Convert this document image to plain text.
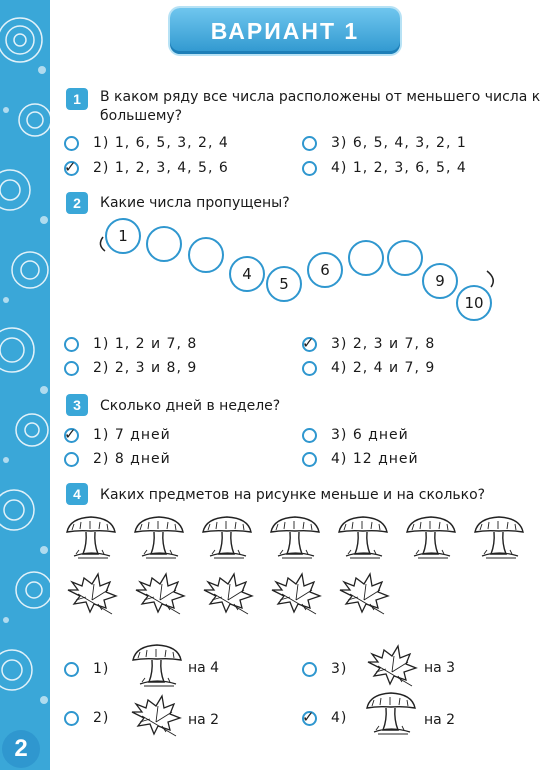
ВАРИАНТ 1
1	В каком ряду все числа расположены от меньшего числа к
большему?
1) 1, 6, 5, 3, 2, 4
✓ 2) 1, 2, 3, 4, 5, 6
3) 6, 5, 4, 3, 2, 1
4) 1, 2, 3, 6, 5, 4
2	Какие числа пропущены?
1
4
5
6
9
10
1) 1, 2 и 7, 8
2) 2, 3 и 8, 9
✓ 3) 2, 3 и 7, 8
4) 2, 4 и 7, 9
3	Сколько дней в неделе?
✓ 1) 7 дней
2) 8 дней
3) 6 дней
4) 12 дней
4	Каких предметов на рисунке меньше и на сколько?
1)	на 4
2)	на 2
3)	на 3
✓ 4)	на 2
2
